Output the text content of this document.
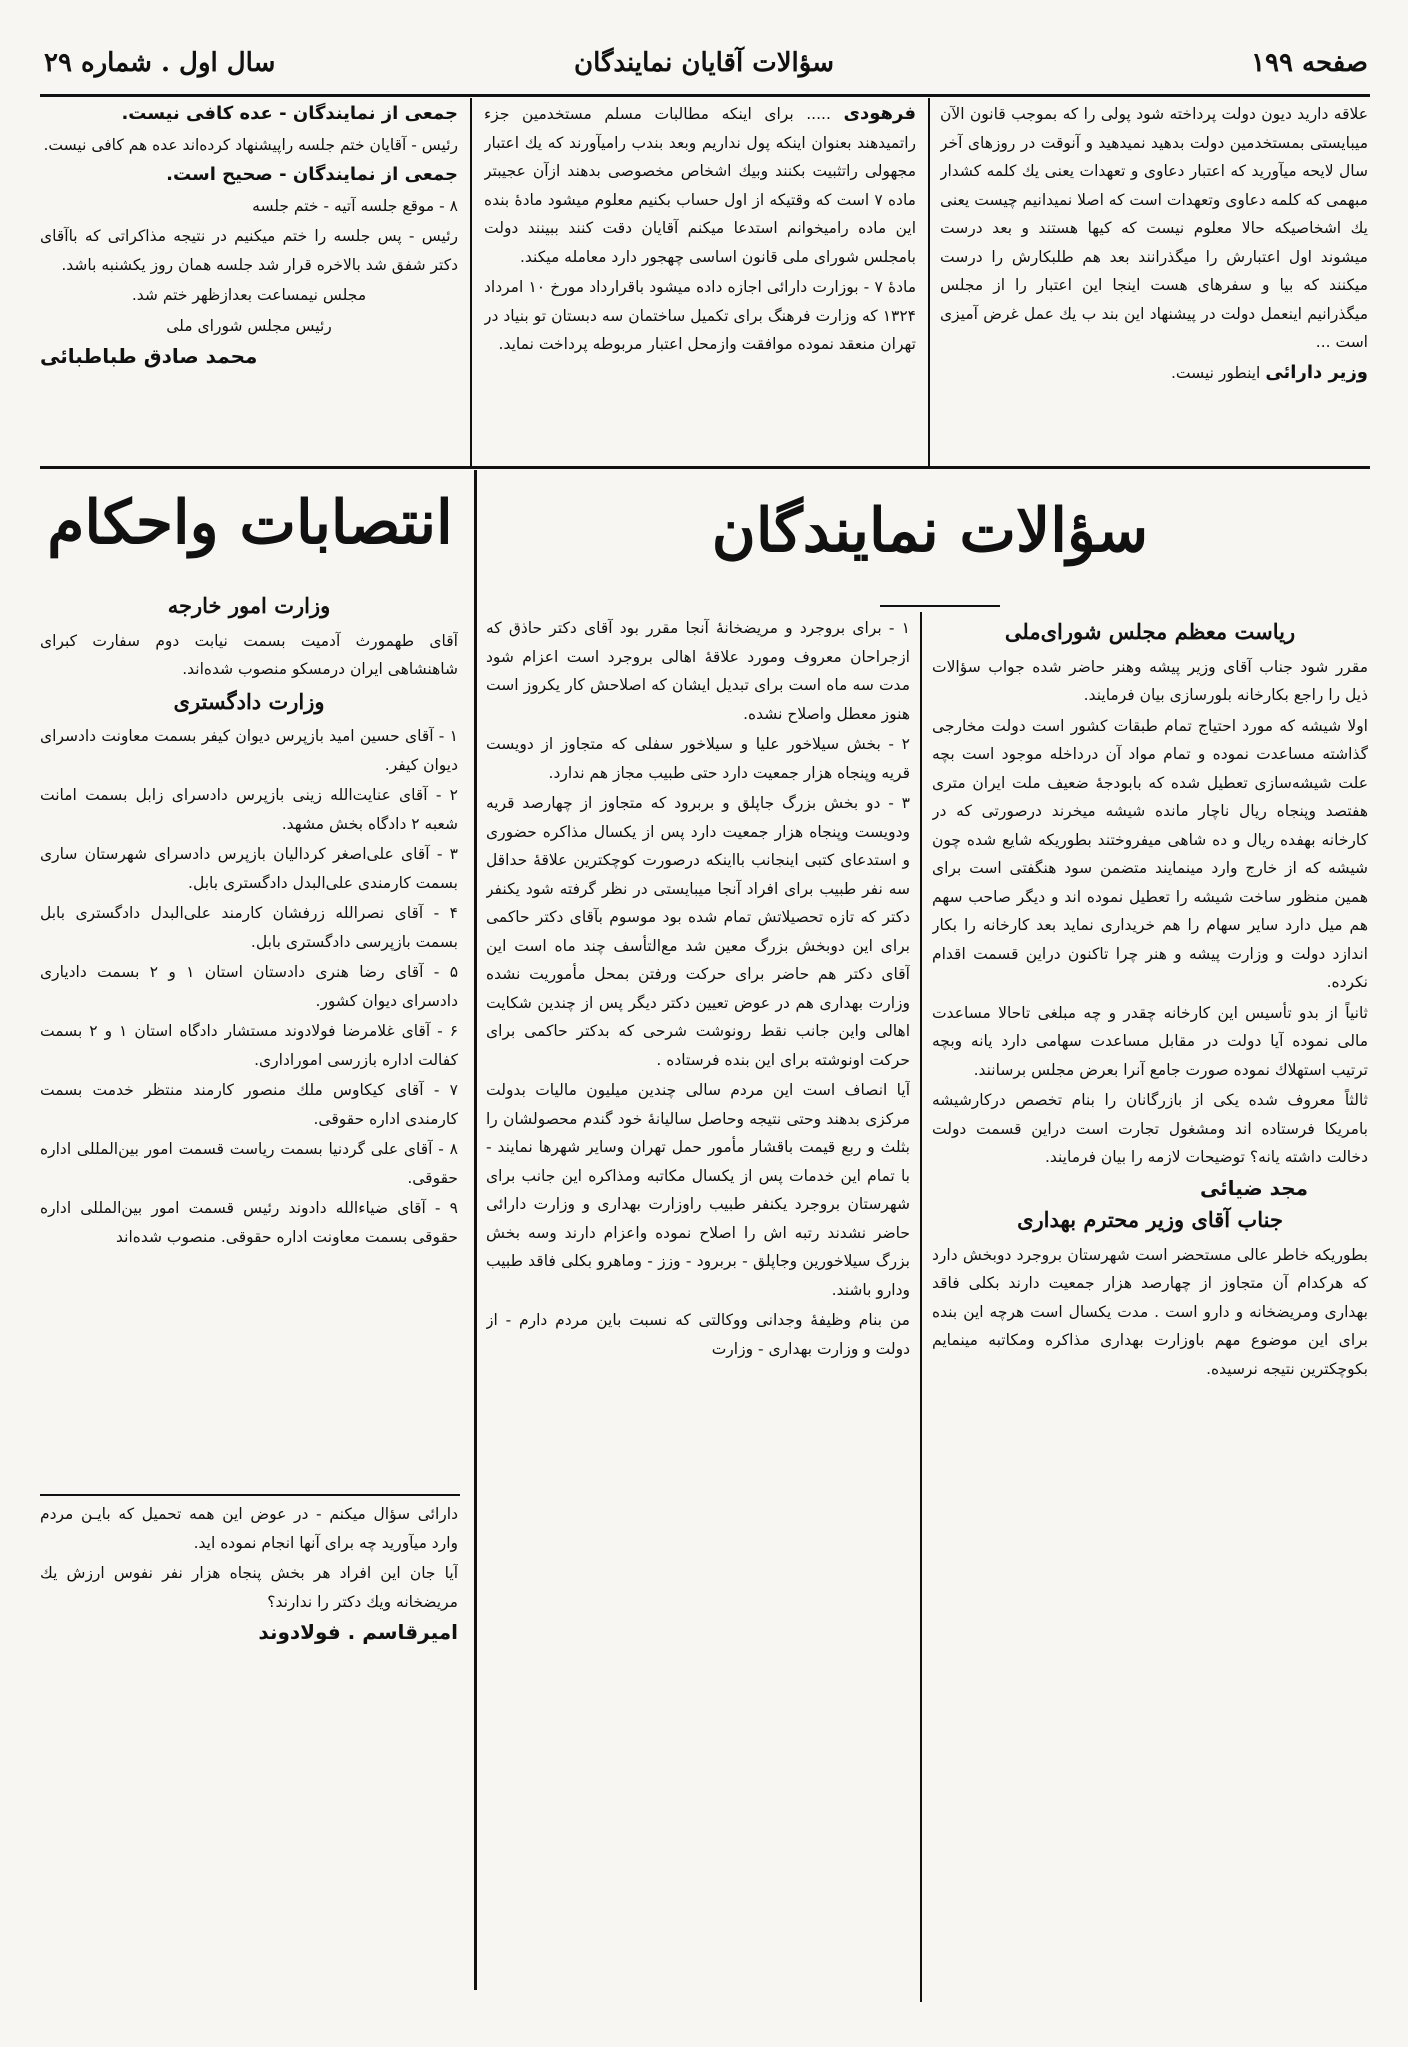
صفحه ۱۹۹
سؤالات آقایان نمایندگان
سال اول . شماره ۲۹

علاقه دارید دیون دولت پرداخته شود پولی را که بموجب قانون الآن میبایستی بمستخدمین دولت بدهید نمیدهید و آنوقت در روزهای آخر سال لایحه میآورید که اعتبار دعاوی و تعهدات یعنی یك کلمه کشدار مبهمی که کلمه دعاوی وتعهدات است که اصلا نمیدانیم چیست یعنی یك اشخاصیکه حالا معلوم نیست که کیها هستند و بعد درست میشوند اول اعتبارش را میگذرانند بعد هم طلبکارش را درست میکنند که بیا و سفرهای هست اینجا این اعتبار را از مجلس میگذرانیم اینعمل دولت در پیشنهاد این بند ب یك عمل غرض آمیزی است ...

وزیر دارائی اینطور نیست.

فرهودی ..... برای اینکه مطالبات مسلم مستخدمین جزء راتمیدهند بعنوان اینکه پول نداریم وبعد بندب رامیآورند که یك اعتبار مجهولی راتثبیت بکنند وبیك اشخاص مخصوصی بدهند ازآن عجیبتر ماده ۷ است که وقتیکه از اول حساب بکنیم معلوم میشود مادهٔ بنده این ماده رامیخوانم استدعا میکنم آقایان دقت کنند ببینند دولت بامجلس شورای ملی قانون اساسی چهجور دارد معامله میکند.

مادهٔ ۷ - بوزارت دارائی اجازه داده میشود باقرارداد مورخ ۱۰ امرداد ۱۳۲۴ که وزارت فرهنگ برای تکمیل ساختمان سه دبستان تو بنیاد در تهران منعقد نموده موافقت وازمحل اعتبار مربوطه پرداخت نماید.

جمعی از نمایندگان - عده کافی نیست.

رئیس - آقایان ختم جلسه راپیشنهاد کرده‌اند عده هم کافی نیست.

جمعی از نمایندگان - صحیح است.

۸ - موقع جلسه آتیه - ختم جلسه

رئیس - پس جلسه را ختم میکنیم در نتیجه مذاکراتی که باآقای دکتر شفق شد بالاخره قرار شد جلسه همان روز یکشنبه باشد.

مجلس نیمساعت بعدازظهر ختم شد.

رئیس مجلس شورای ملی

محمد صادق طباطبائی

انتصابات واحکام
وزارت امور خارجه

آقای طهمورث آدمیت بسمت نیابت دوم سفارت کبرای شاهنشاهی ایران درمسکو منصوب شده‌اند.

وزارت دادگستری

۱ - آقای حسین امید بازپرس دیوان کیفر بسمت معاونت دادسرای دیوان کیفر.

۲ - آقای عنایت‌الله زینی بازپرس دادسرای زابل بسمت امانت شعبه ۲ دادگاه بخش مشهد.

۳ - آقای علی‌اصغر کردالیان بازپرس دادسرای شهرستان ساری بسمت کارمندی علی‌البدل دادگستری بابل.

۴ - آقای نصرالله زرفشان کارمند علی‌البدل دادگستری بابل بسمت بازپرسی دادگستری بابل.

۵ - آقای رضا هنری دادستان استان ۱ و ۲ بسمت دادیاری دادسرای دیوان کشور.

۶ - آقای غلامرضا فولادوند مستشار دادگاه استان ۱ و ۲ بسمت کفالت اداره بازرسی اموراداری.

۷ - آقای کیکاوس ملك منصور کارمند منتظر خدمت بسمت کارمندی اداره حقوقی.

۸ - آقای علی گردنیا بسمت ریاست قسمت امور بین‌المللی اداره حقوقی.

۹ - آقای ضیاءالله دادوند رئیس قسمت امور بین‌المللی اداره حقوقی بسمت معاونت اداره حقوقی. منصوب شده‌اند

دارائی سؤال میکنم - در عوض این همه تحمیل که بایـن مردم وارد میآورید چه برای آنها انجام نموده اید.

آیا جان این افراد هر بخش پنجاه هزار نفر نفوس ارزش یك مریضخانه ویك دکتر را ندارند؟

امیرقاسم . فولادوند

سؤالات نمایندگان
ریاست معظم مجلس شورای‌ملی

مقرر شود جناب آقای وزیر پیشه وهنر حاضر شده جواب سؤالات ذیل را راجع بکارخانه بلورسازی بیان فرمایند.

اولا شیشه که مورد احتیاج تمام طبقات کشور است دولت مخارجی گذاشته مساعدت نموده و تمام مواد آن درداخله موجود است بچه علت شیشه‌سازی تعطیل شده که بابودجهٔ ضعیف ملت ایران متری هفتصد وپنجاه ریال ناچار مانده شیشه میخرند درصورتی که در کارخانه بهفده ریال و ده شاهی میفروختند بطوریکه شایع شده چون شیشه که از خارج وارد مینمایند متضمن سود هنگفتی است برای همین منظور ساخت شیشه را تعطیل نموده اند و دیگر صاحب سهم هم میل دارد سایر سهام را هم خریداری نماید بعد کارخانه را بکار اندازد دولت و وزارت پیشه و هنر چرا تاکنون دراین قسمت اقدام نکرده.

ثانیاً از بدو تأسیس این کارخانه چقدر و چه مبلغی تاحالا مساعدت مالی نموده آیا دولت در مقابل مساعدت سهامی دارد یانه وبچه ترتیب استهلاك نموده صورت جامع آنرا بعرض مجلس برسانند.

ثالثاً معروف شده یکی از بازرگانان را بنام تخصص درکارشیشه بامریکا فرستاده اند ومشغول تجارت است دراین قسمت دولت دخالت داشته یانه؟ توضیحات لازمه را بیان فرمایند.

مجد ضیائی

جناب آقای وزیر محترم بهداری

بطوریکه خاطر عالی مستحضر است شهرستان بروجرد دوبخش دارد که هرکدام آن متجاوز از چهارصد هزار جمعیت دارند بکلی فاقد بهداری ومریضخانه و دارو است . مدت یکسال است هرچه این بنده برای این موضوع مهم باوزارت بهداری مذاکره ومکاتبه مینمایم بکوچکترین نتیجه نرسیده.

۱ - برای بروجرد و مریضخانهٔ آنجا مقرر بود آقای دکتر حاذق که ازجراحان معروف ومورد علاقهٔ اهالی بروجرد است اعزام شود مدت سه ماه است برای تبدیل ایشان که اصلاحش کار یکروز است هنوز معطل واصلاح نشده.

۲ - بخش سیلاخور علیا و سیلاخور سفلی که متجاوز از دویست قریه وپنجاه هزار جمعیت دارد حتی طبیب مجاز هم ندارد.

۳ - دو بخش بزرگ جاپلق و بربرود که متجاوز از چهارصد قریه ودویست وپنجاه هزار جمعیت دارد پس از یکسال مذاکره حضوری و استدعای کتبی اینجانب بااینکه درصورت کوچکترین علاقهٔ حداقل سه نفر طبیب برای افراد آنجا میبایستی در نظر گرفته شود یکنفر دکتر که تازه تحصیلاتش تمام شده بود موسوم بآقای دکتر حاکمی برای این دوبخش بزرگ معین شد مع‌التأسف چند ماه است این آقای دکتر هم حاضر برای حرکت ورفتن بمحل مأموریت نشده وزارت بهداری هم در عوض تعیین دکتر دیگر پس از چندین شکایت اهالی واین جانب نقط رونوشت شرحی که بدکتر حاکمی برای حرکت اونوشته برای این بنده فرستاده .

آیا انصاف است این مردم سالی چندین میلیون مالیات بدولت مرکزی بدهند وحتی نتیجه وحاصل سالیانهٔ خود گندم محصولشان را بثلث و ربع قیمت باقشار مأمور حمل تهران وسایر شهرها نمایند - با تمام این خدمات پس از یکسال مکاتبه ومذاکره این جانب برای شهرستان بروجرد یکنفر طبیب راوزارت بهداری و وزارت دارائی حاضر نشدند رتبه اش را اصلاح نموده واعزام دارند وسه بخش بزرگ سیلاخورین وجاپلق - بربرود - وزز - وماهرو بکلی فاقد طبیب ودارو باشند.

من بنام وظیفهٔ وجدانی ووکالتی که نسبت باین مردم دارم - از دولت و وزارت بهداری - وزارت
